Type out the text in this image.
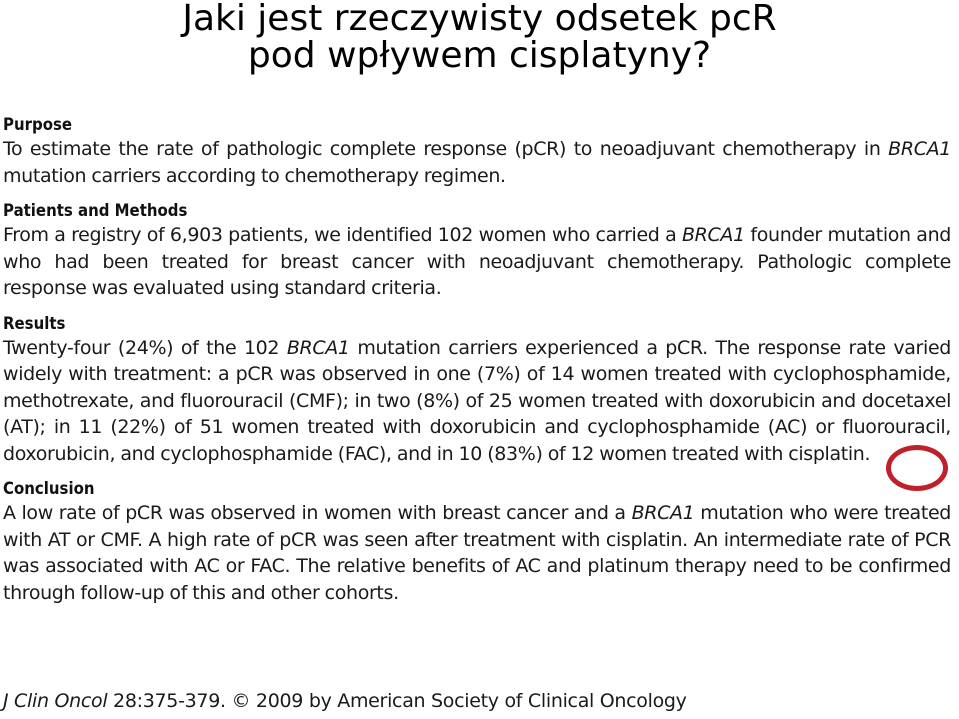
Jaki jest rzeczywisty odsetek pcR
pod wpływem cisplatyny?
Purpose
To estimate the rate of pathologic complete response (pCR) to neoadjuvant chemotherapy in BRCA1 mutation carriers according to chemotherapy regimen.
Patients and Methods
From a registry of 6,903 patients, we identified 102 women who carried a BRCA1 founder mutation and who had been treated for breast cancer with neoadjuvant chemotherapy. Pathologic complete response was evaluated using standard criteria.
Results
Twenty-four (24%) of the 102 BRCA1 mutation carriers experienced a pCR. The response rate varied widely with treatment: a pCR was observed in one (7%) of 14 women treated with cyclophosphamide, methotrexate, and fluorouracil (CMF); in two (8%) of 25 women treated with doxorubicin and docetaxel (AT); in 11 (22%) of 51 women treated with doxorubicin and cyclophosphamide (AC) or fluorouracil, doxorubicin, and cyclophosphamide (FAC), and in 10 (83%) of 12 women treated with cisplatin.
Conclusion
A low rate of pCR was observed in women with breast cancer and a BRCA1 mutation who were treated with AT or CMF. A high rate of pCR was seen after treatment with cisplatin. An intermediate rate of PCR was associated with AC or FAC. The relative benefits of AC and platinum therapy need to be confirmed through follow-up of this and other cohorts.
J Clin Oncol 28:375-379. © 2009 by American Society of Clinical Oncology
